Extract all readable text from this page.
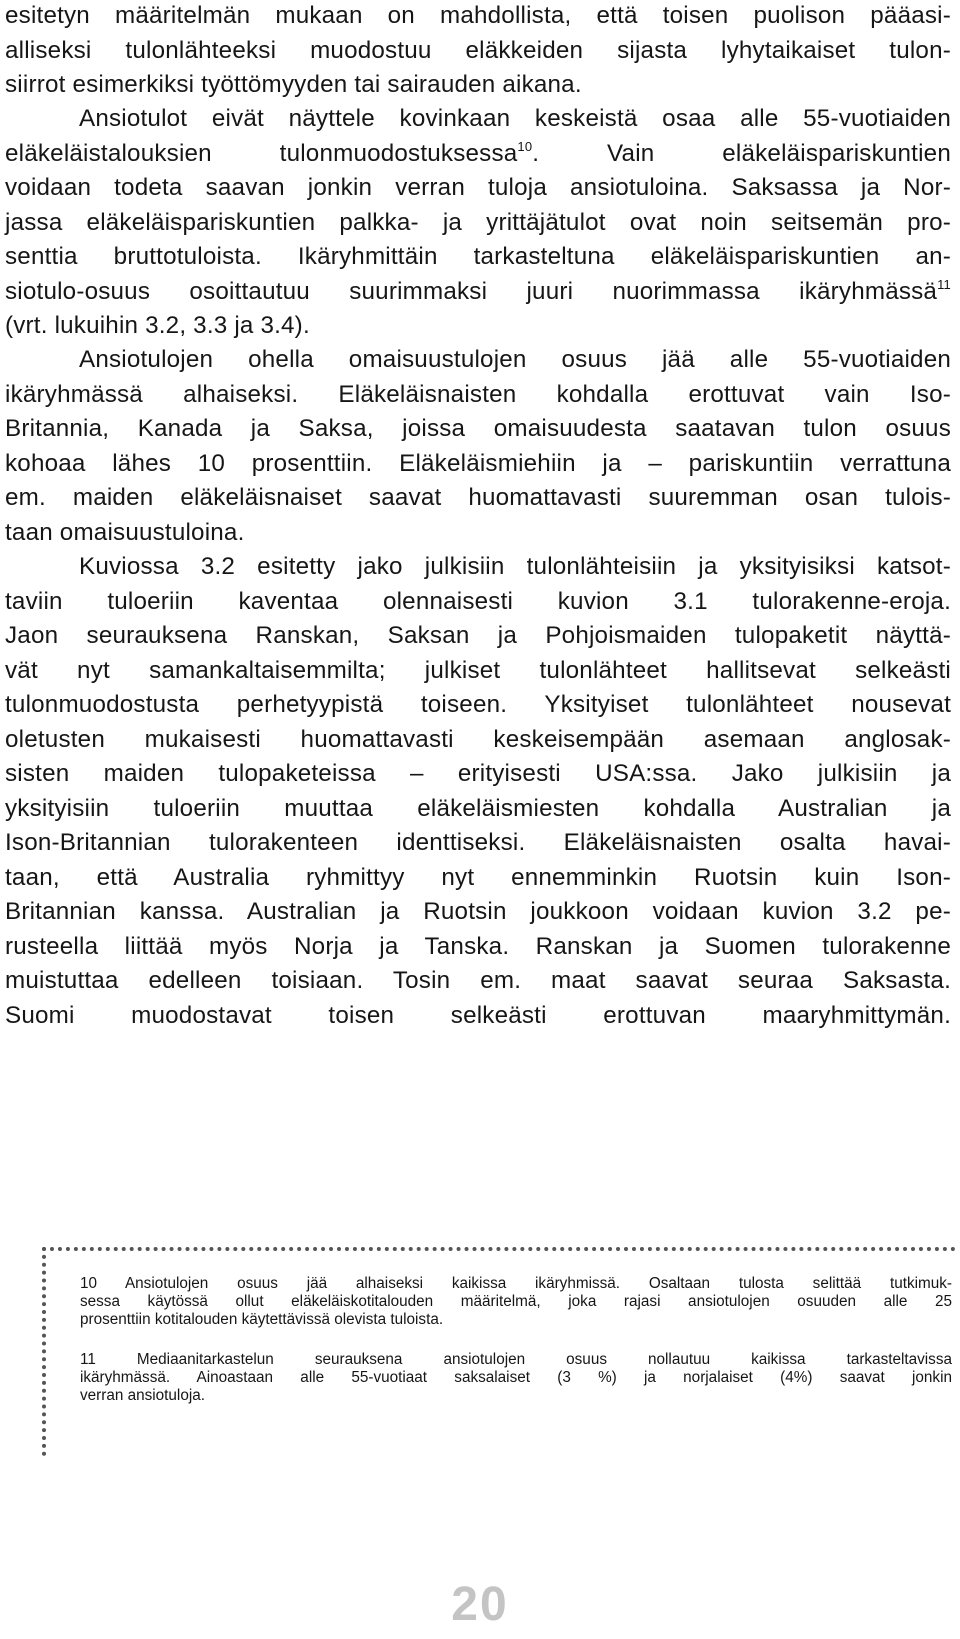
esitetyn määritelmän mukaan on mahdollista, että toisen puolison pääasi-
alliseksi tulonlähteeksi muodostuu eläkkeiden sijasta lyhytaikaiset tulon-
siirrot esimerkiksi työttömyyden tai sairauden aikana.
Ansiotulot eivät näyttele kovinkaan keskeistä osaa alle 55-vuotiaiden
eläkeläistalouksien tulonmuodostuksessa$^{10}$. Vain eläkeläispariskuntien
voidaan todeta saavan jonkin verran tuloja ansiotuloina. Saksassa ja Nor-
jassa eläkeläispariskuntien palkka- ja yrittäjätulot ovat noin seitsemän pro-
senttia bruttotuloista. Ikäryhmittäin tarkasteltuna eläkeläispariskuntien an-
siotulo-osuus osoittautuu suurimmaksi juuri nuorimmassa ikäryhmässä$^{11}$
(vrt. lukuihin 3.2, 3.3 ja 3.4).
Ansiotulojen ohella omaisuustulojen osuus jää alle 55-vuotiaiden
ikäryhmässä alhaiseksi. Eläkeläisnaisten kohdalla erottuvat vain Iso-
Britannia, Kanada ja Saksa, joissa omaisuudesta saatavan tulon osuus
kohoaa lähes 10 prosenttiin. Eläkeläismiehiin ja – pariskuntiin verrattuna
em. maiden eläkeläisnaiset saavat huomattavasti suuremman osan tulois-
taan omaisuustuloina.
Kuviossa 3.2 esitetty jako julkisiin tulonlähteisiin ja yksityisiksi katsot-
taviin tuloeriin kaventaa olennaisesti kuvion 3.1 tulorakenne-eroja.
Jaon seurauksena Ranskan, Saksan ja Pohjoismaiden tulopaketit näyttä-
vät nyt samankaltaisemmilta; julkiset tulonlähteet hallitsevat selkeästi
tulonmuodostusta perhetyypistä toiseen. Yksityiset tulonlähteet nousevat
oletusten mukaisesti huomattavasti keskeisempään asemaan anglosak-
sisten maiden tulopaketeissa – erityisesti USA:ssa. Jako julkisiin ja
yksityisiin tuloeriin muuttaa eläkeläismiesten kohdalla Australian ja
Ison-Britannian tulorakenteen identtiseksi. Eläkeläisnaisten osalta havai-
taan, että Australia ryhmittyy nyt ennemminkin Ruotsin kuin Ison-
Britannian kanssa. Australian ja Ruotsin joukkoon voidaan kuvion 3.2 pe-
rusteella liittää myös Norja ja Tanska. Ranskan ja Suomen tulorakenne
muistuttaa edelleen toisiaan. Tosin em. maat saavat seuraa Saksasta.
Suomi muodostavat toisen selkeästi erottuvan maaryhmittymän.
10 Ansiotulojen osuus jää alhaiseksi kaikissa ikäryhmissä. Osaltaan tulosta selittää tutkimuk-
sessa käytössä ollut eläkeläiskotitalouden määritelmä, joka rajasi ansiotulojen osuuden alle 25
prosenttiin kotitalouden käytettävissä olevista tuloista.
11 Mediaanitarkastelun seurauksena ansiotulojen osuus nollautuu kaikissa tarkasteltavissa
ikäryhmässä. Ainoastaan alle 55-vuotiaat saksalaiset (3 %) ja norjalaiset (4%) saavat jonkin
verran ansiotuloja.
20
